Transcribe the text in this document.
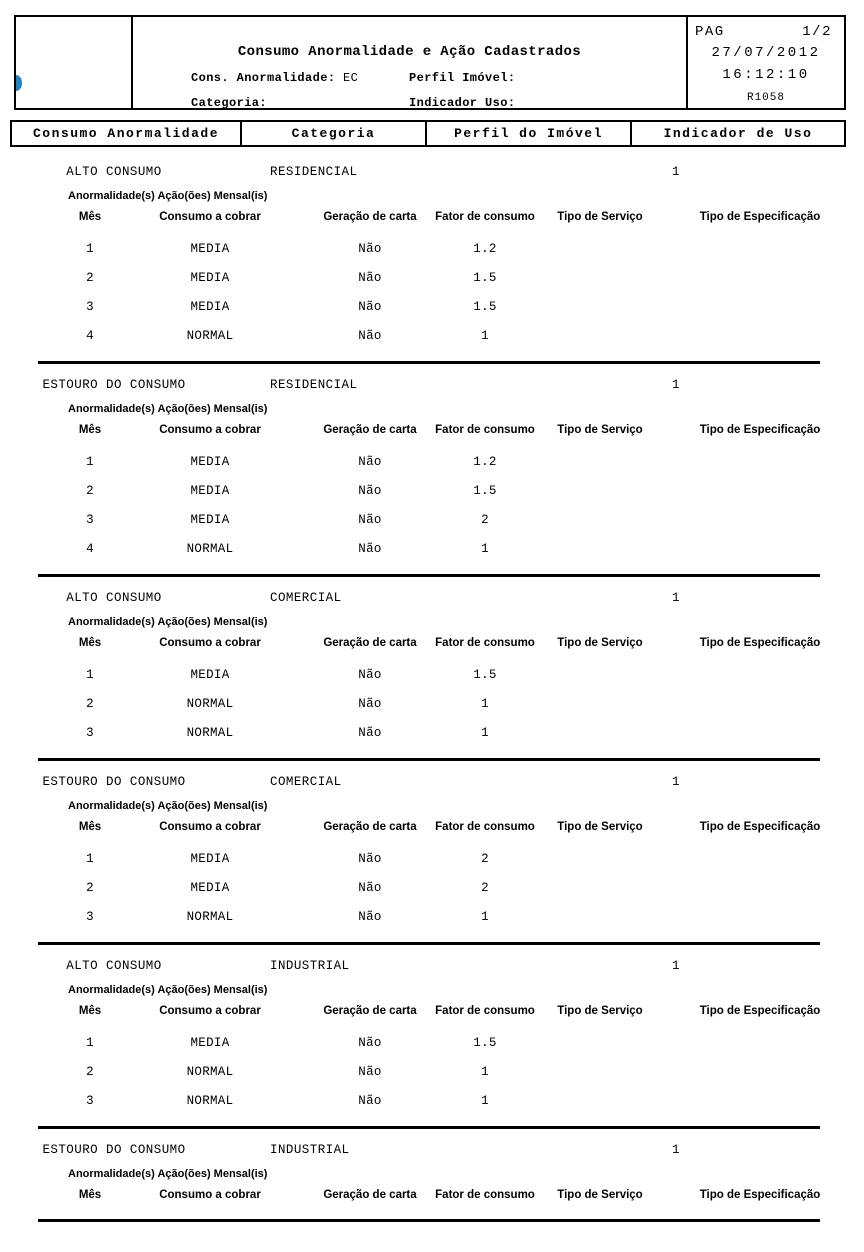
Consumo Anormalidade e Ação Cadastrados
Cons. Anormalidade: EC	Perfil Imóvel:
Categoria:	Indicador Uso:
PAG	1/2
27/07/2012
16:12:10
R1058
Consumo Anormalidade	Categoria	Perfil do Imóvel	Indicador de Uso
ALTO CONSUMO	RESIDENCIAL	1
Anormalidade(s) Ação(ões) Mensal(is)
Mês	Consumo a cobrar	Geração de carta	Fator de consumo	Tipo de Serviço	Tipo de Especificação
1	MEDIA	Não	1.2
2	MEDIA	Não	1.5
3	MEDIA	Não	1.5
4	NORMAL	Não	1
ESTOURO DO CONSUMO	RESIDENCIAL	1
Anormalidade(s) Ação(ões) Mensal(is)
Mês	Consumo a cobrar	Geração de carta	Fator de consumo	Tipo de Serviço	Tipo de Especificação
1	MEDIA	Não	1.2
2	MEDIA	Não	1.5
3	MEDIA	Não	2
4	NORMAL	Não	1
ALTO CONSUMO	COMERCIAL	1
Anormalidade(s) Ação(ões) Mensal(is)
Mês	Consumo a cobrar	Geração de carta	Fator de consumo	Tipo de Serviço	Tipo de Especificação
1	MEDIA	Não	1.5
2	NORMAL	Não	1
3	NORMAL	Não	1
ESTOURO DO CONSUMO	COMERCIAL	1
Anormalidade(s) Ação(ões) Mensal(is)
Mês	Consumo a cobrar	Geração de carta	Fator de consumo	Tipo de Serviço	Tipo de Especificação
1	MEDIA	Não	2
2	MEDIA	Não	2
3	NORMAL	Não	1
ALTO CONSUMO	INDUSTRIAL	1
Anormalidade(s) Ação(ões) Mensal(is)
Mês	Consumo a cobrar	Geração de carta	Fator de consumo	Tipo de Serviço	Tipo de Especificação
1	MEDIA	Não	1.5
2	NORMAL	Não	1
3	NORMAL	Não	1
ESTOURO DO CONSUMO	INDUSTRIAL	1
Anormalidade(s) Ação(ões) Mensal(is)
Mês	Consumo a cobrar	Geração de carta	Fator de consumo	Tipo de Serviço	Tipo de Especificação
